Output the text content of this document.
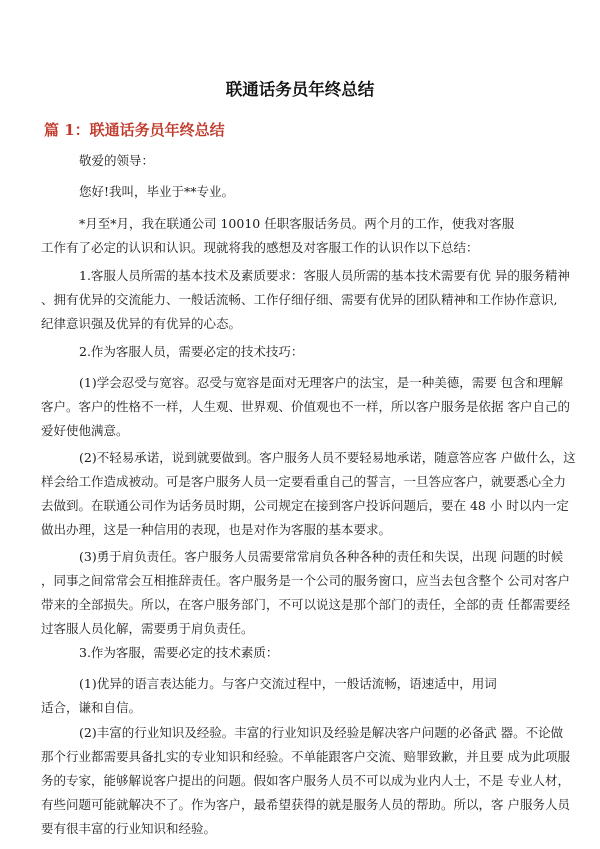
联通话务员年终总结
篇 1：联通话务员年终总结
敬爱的领导：
您好!我叫，毕业于**专业。
*月至*月，我在联通公司 10010 任职客服话务员。两个月的工作，使我对客服
工作有了必定的认识和认识。现就将我的感想及对客服工作的认识作以下总结：
1.客服人员所需的基本技术及素质要求：客服人员所需的基本技术需要有优 异的服务精神
、拥有优异的交流能力、一般话流畅、工作仔细仔细、需要有优异的团队精神和工作协作意识,
纪律意识强及优异的有优异的心态。
2.作为客服人员，需要必定的技术技巧：
(1)学会忍受与宽容。忍受与宽容是面对无理客户的法宝，是一种美德，需要 包含和理解
客户。客户的性格不一样，人生观、世界观、价值观也不一样，所以客户服务是依据 客户自己的
爱好使他满意。
(2)不轻易承诺，说到就要做到。客户服务人员不要轻易地承诺，随意答应客 户做什么，这
样会给工作造成被动。可是客户服务人员一定要看重自己的誓言，一旦答应客户，就要悉心全力
去做到。在联通公司作为话务员时期，公司规定在接到客户投诉问题后，要在 48 小 时以内一定
做出办理，这是一种信用的表现，也是对作为客服的基本要求。
(3)勇于肩负责任。客户服务人员需要常常肩负各种各种的责任和失误，出现 问题的时候
，同事之间常常会互相推辞责任。客户服务是一个公司的服务窗口，应当去包含整个 公司对客户
带来的全部损失。所以，在客户服务部门，不可以说这是那个部门的责任，全部的责 任都需要经
过客服人员化解，需要勇于肩负责任。
3.作为客服，需要必定的技术素质：
(1)优异的语言表达能力。与客户交流过程中，一般话流畅，语速适中，用词
适合，谦和自信。
(2)丰富的行业知识及经验。丰富的行业知识及经验是解决客户问题的必备武 器。不论做
那个行业都需要具备扎实的专业知识和经验。不单能跟客户交流、赔罪致歉，并且要 成为此项服
务的专家，能够解说客户提出的问题。假如客户服务人员不可以成为业内人士，不是 专业人材，
有些问题可能就解决不了。作为客户，最希望获得的就是服务人员的帮助。所以，客 户服务人员
要有很丰富的行业知识和经验。
